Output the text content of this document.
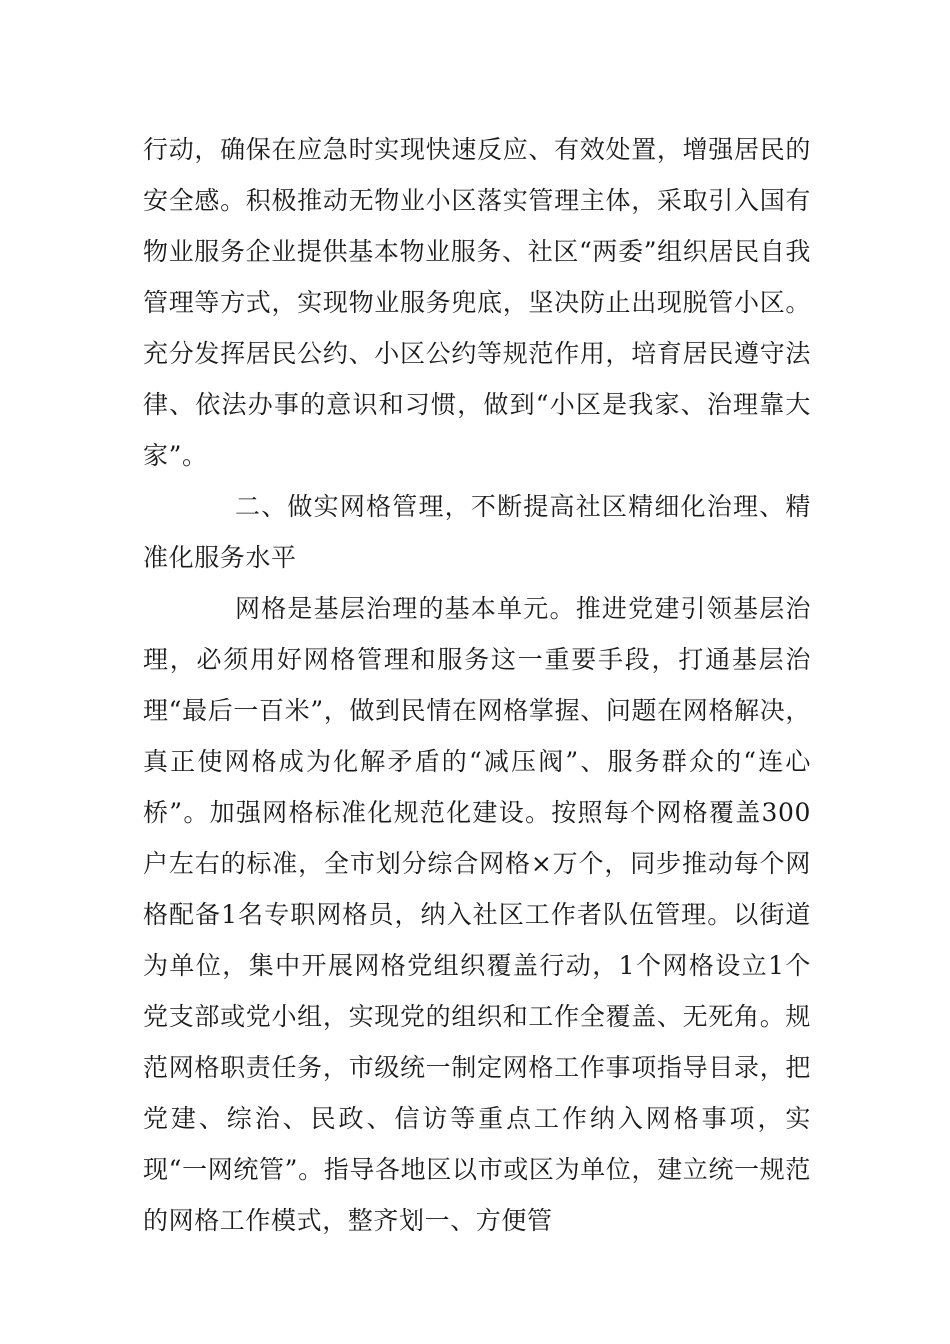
行动，确保在应急时实现快速反应、有效处置，增强居民的安全感。积极推动无物业小区落实管理主体，采取引入国有物业服务企业提供基本物业服务、社区“两委”组织居民自我管理等方式，实现物业服务兜底，坚决防止出现脱管小区。充分发挥居民公约、小区公约等规范作用，培育居民遵守法律、依法办事的意识和习惯，做到“小区是我家、治理靠大家”。

二、做实网格管理，不断提高社区精细化治理、精准化服务水平

网格是基层治理的基本单元。推进党建引领基层治理，必须用好网格管理和服务这一重要手段，打通基层治理“最后一百米”，做到民情在网格掌握、问题在网格解决，真正使网格成为化解矛盾的“减压阀”、服务群众的“连心桥”。加强网格标准化规范化建设。按照每个网格覆盖300户左右的标准，全市划分综合网格×万个，同步推动每个网格配备1名专职网格员，纳入社区工作者队伍管理。以街道为单位，集中开展网格党组织覆盖行动，1个网格设立1个党支部或党小组，实现党的组织和工作全覆盖、无死角。规范网格职责任务，市级统一制定网格工作事项指导目录，把党建、综治、民政、信访等重点工作纳入网格事项，实现“一网统管”。指导各地区以市或区为单位，建立统一规范的网格工作模式，整齐划一、方便管
